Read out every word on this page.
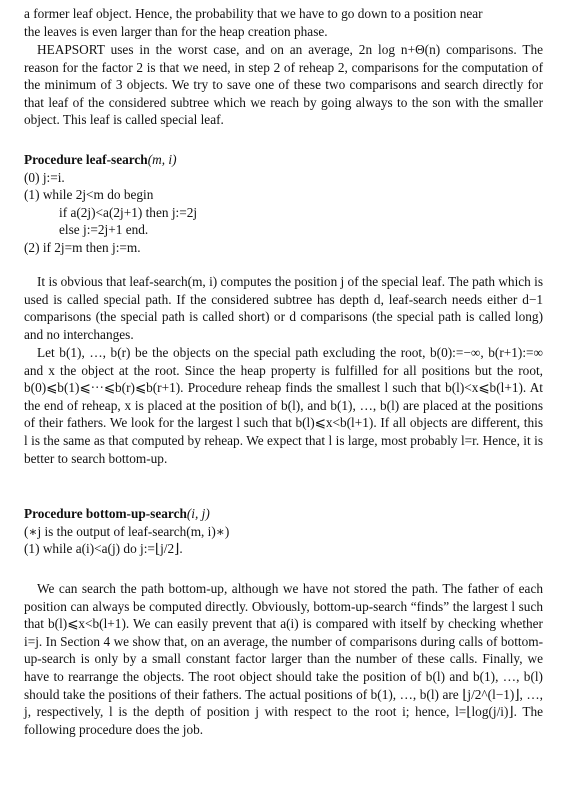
a former leaf object. Hence, the probability that we have to go down to a position near

the leaves is even larger than for the heap creation phase.

HEAPSORT uses in the worst case, and on an average, 2n log n+Θ(n) comparisons. The reason for the factor 2 is that we need, in step 2 of reheap 2, comparisons for the computation of the minimum of 3 objects. We try to save one of these two comparisons and search directly for that leaf of the considered subtree which we reach by going always to the son with the smaller object. This leaf is called special leaf.

Procedure leaf-search(m, i)

(0) j:=i.

(1) while 2j<m do begin

if a(2j)<a(2j+1) then j:=2j

else j:=2j+1 end.

(2) if 2j=m then j:=m.

It is obvious that leaf-search(m, i) computes the position j of the special leaf. The path which is used is called special path. If the considered subtree has depth d, leaf-search needs either d−1 comparisons (the special path is called short) or d comparisons (the special path is called long) and no interchanges.

Let b(1), …, b(r) be the objects on the special path excluding the root, b(0):=−∞, b(r+1):=∞ and x the object at the root. Since the heap property is fulfilled for all positions but the root, b(0)⩽b(1)⩽···⩽b(r)⩽b(r+1). Procedure reheap finds the smallest l such that b(l)<x⩽b(l+1). At the end of reheap, x is placed at the position of b(l), and b(1), …, b(l) are placed at the positions of their fathers. We look for the largest l such that b(l)⩽x<b(l+1). If all objects are different, this l is the same as that computed by reheap. We expect that l is large, most probably l=r. Hence, it is better to search bottom-up.

Procedure bottom-up-search(i, j)

(∗j is the output of leaf-search(m, i)∗)

(1) while a(i)<a(j) do j:=⌊j/2⌋.

We can search the path bottom-up, although we have not stored the path. The father of each position can always be computed directly. Obviously, bottom-up-search “finds” the largest l such that b(l)⩽x<b(l+1). We can easily prevent that a(i) is compared with itself by checking whether i=j. In Section 4 we show that, on an average, the number of comparisons during calls of bottom-up-search is only by a small constant factor larger than the number of these calls. Finally, we have to rearrange the objects. The root object should take the position of b(l) and b(1), …, b(l) should take the positions of their fathers. The actual positions of b(1), …, b(l) are ⌊j/2^(l−1)⌋, …, j, respectively, l is the depth of position j with respect to the root i; hence, l=⌊log(j/i)⌋. The following procedure does the job.
